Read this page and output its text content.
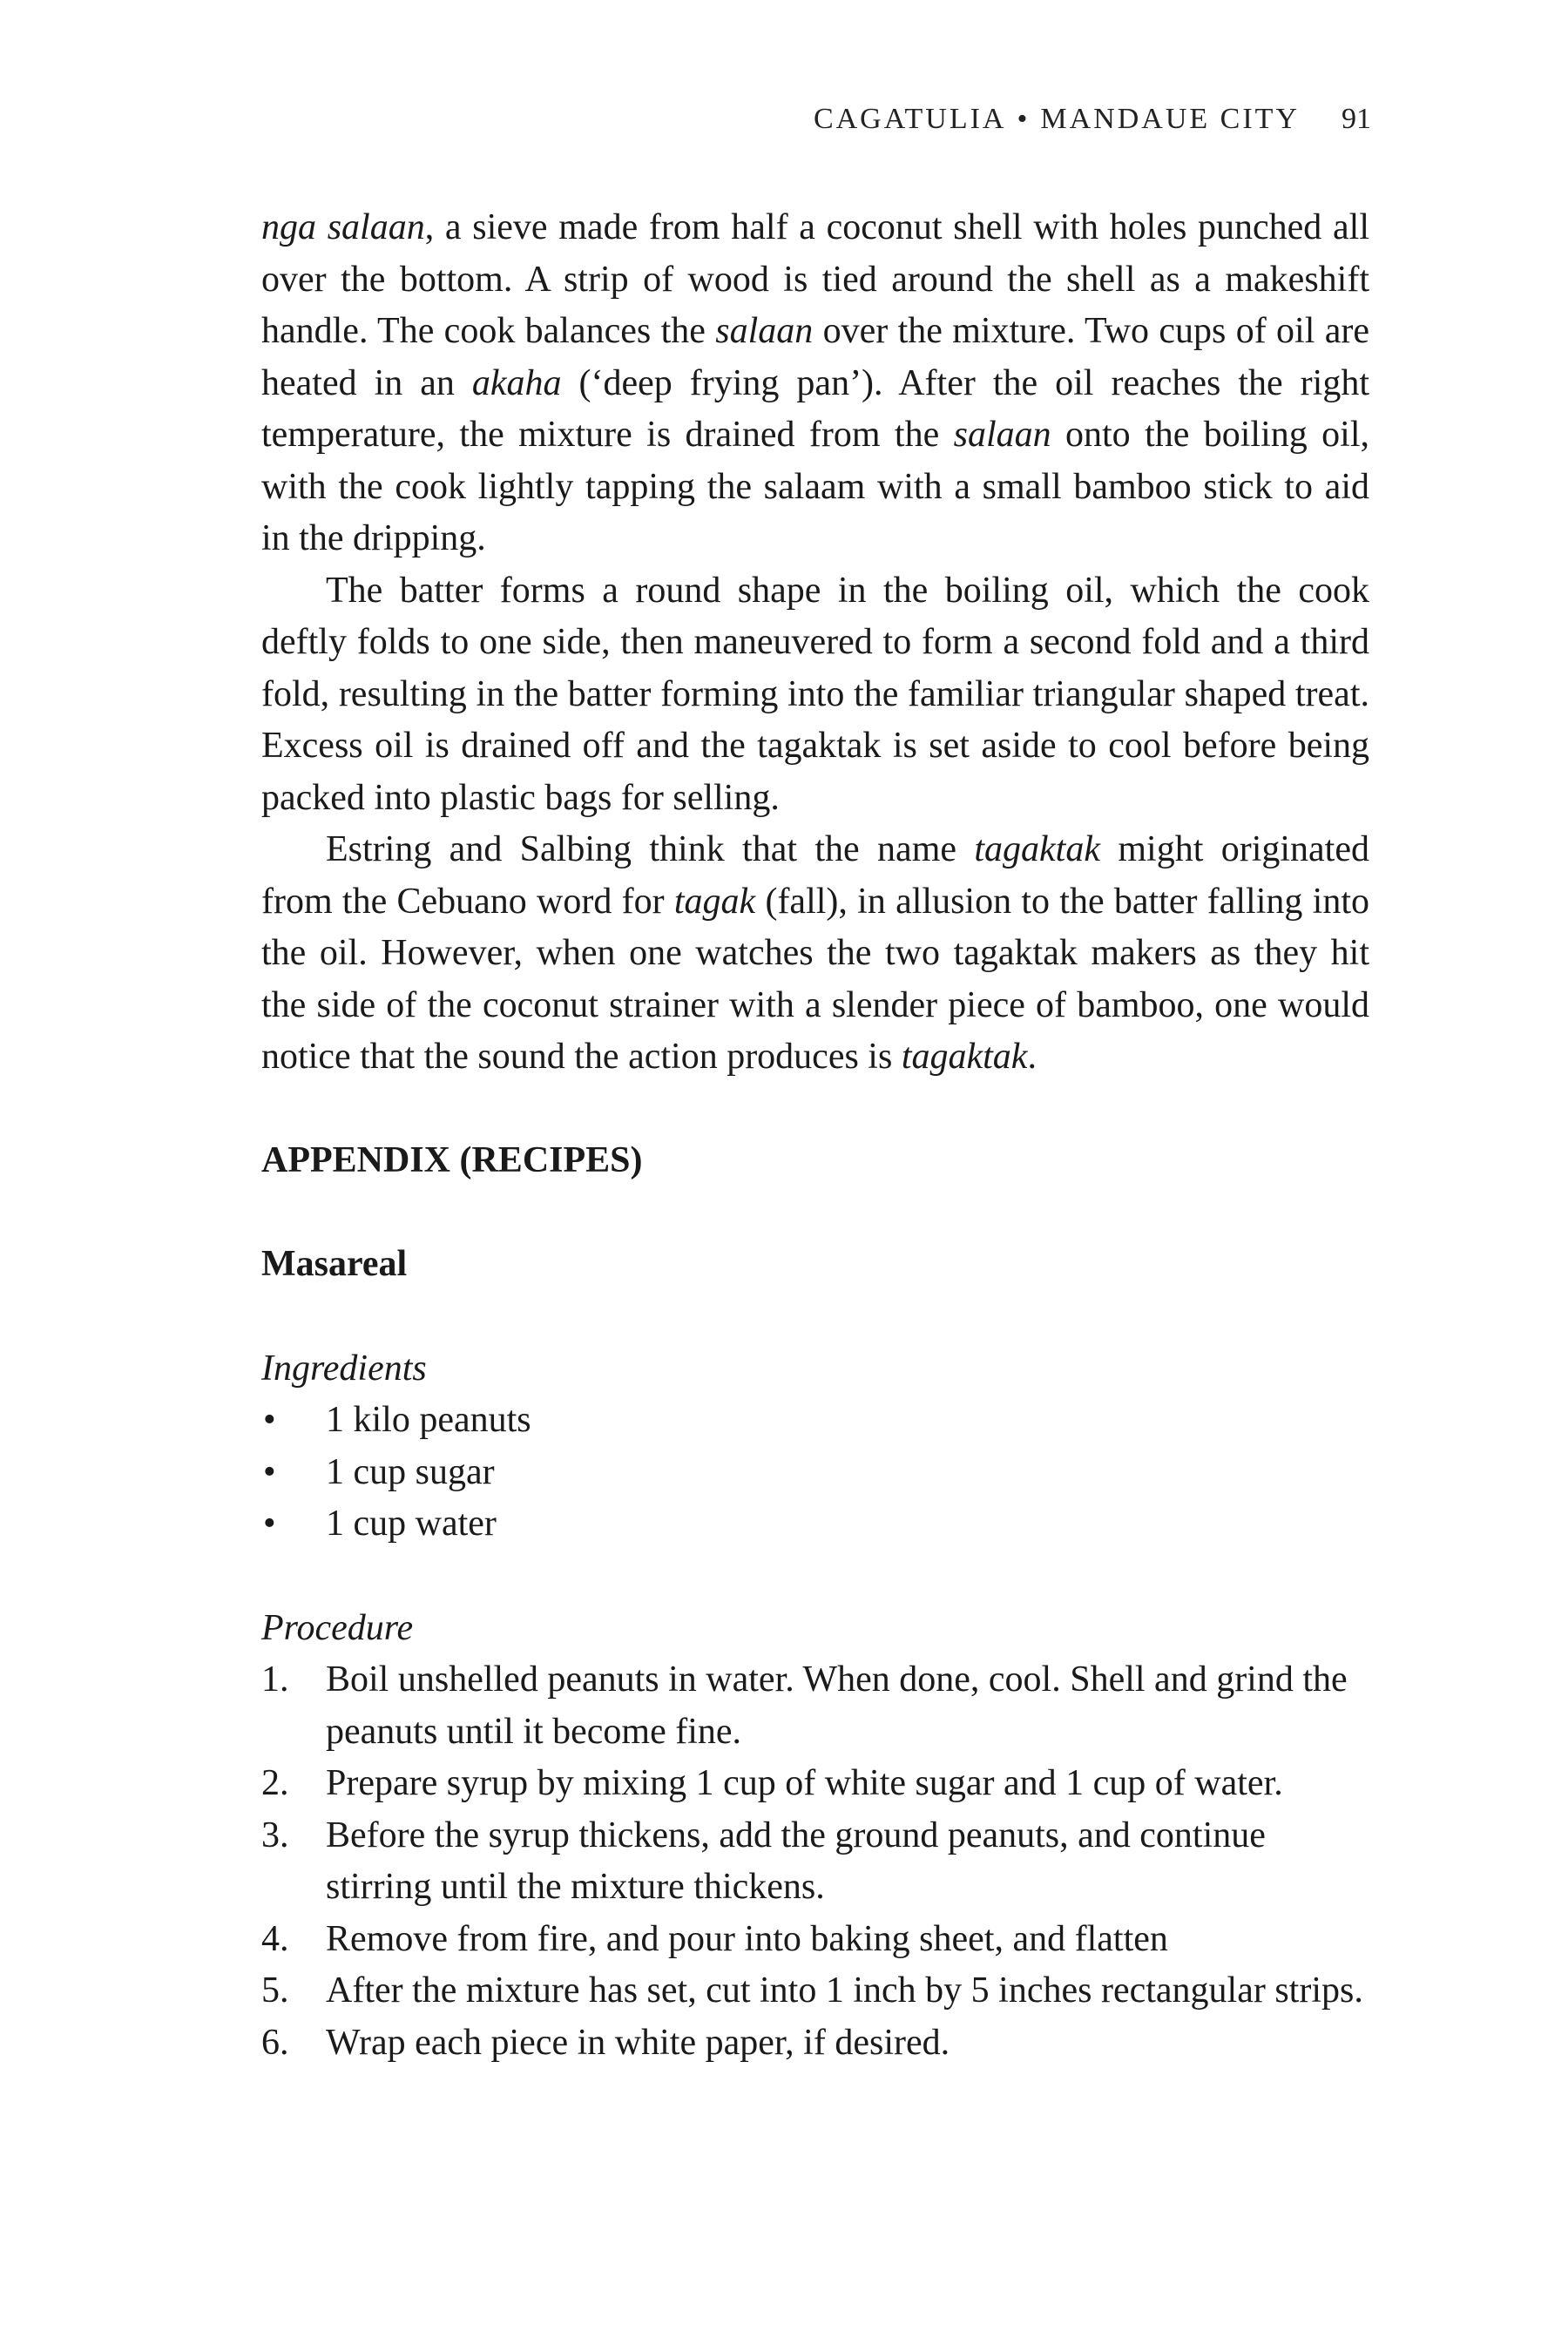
CAGATULIA • MANDAUE CITY 91

nga salaan, a sieve made from half a coconut shell with holes punched all over the bottom. A strip of wood is tied around the shell as a makeshift handle. The cook balances the salaan over the mixture. Two cups of oil are heated in an akaha (‘deep frying pan’). After the oil reaches the right temperature, the mixture is drained from the salaan onto the boiling oil, with the cook lightly tapping the salaam with a small bamboo stick to aid in the dripping.

The batter forms a round shape in the boiling oil, which the cook deftly folds to one side, then maneuvered to form a second fold and a third fold, resulting in the batter forming into the familiar triangular shaped treat. Excess oil is drained off and the tagaktak is set aside to cool before being packed into plastic bags for selling.

Estring and Salbing think that the name tagaktak might originated from the Cebuano word for tagak (fall), in allusion to the batter falling into the oil. However, when one watches the two tagaktak makers as they hit the side of the coconut strainer with a slender piece of bamboo, one would notice that the sound the action produces is tagaktak.

APPENDIX (RECIPES)

Masareal

Ingredients

• 1 kilo peanuts
• 1 cup sugar
• 1 cup water

Procedure

1. Boil unshelled peanuts in water. When done, cool. Shell and grind the peanuts until it become fine.
2. Prepare syrup by mixing 1 cup of white sugar and 1 cup of water.
3. Before the syrup thickens, add the ground peanuts, and continue stirring until the mixture thickens.
4. Remove from fire, and pour into baking sheet, and flatten
5. After the mixture has set, cut into 1 inch by 5 inches rectangular strips.
6. Wrap each piece in white paper, if desired.
